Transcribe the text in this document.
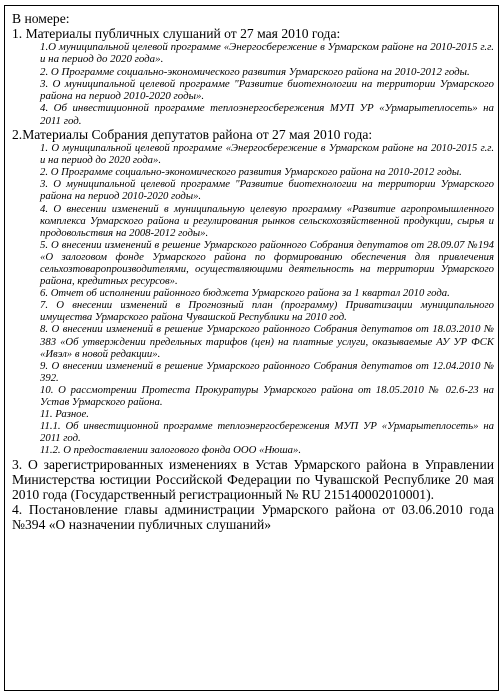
В номере:
1. Материалы публичных слушаний от 27 мая 2010 года:
1.О муниципальной целевой программе «Энергосбережение в Урмарском районе на 2010-2015 г.г. и на период до 2020 года».
2. О Программе социально-экономического развития Урмарского района на 2010-2012 годы.
3. О муниципальной целевой программе "Развитие биотехнологии на территории Урмарского района на период 2010-2020 годы».
4. Об инвестиционной программе теплоэнергосбережения МУП УР «Урмарытеплосеть» на 2011 год.
2.Материалы Собрания депутатов района от 27 мая 2010 года:
1. О муниципальной целевой программе «Энергосбережение в Урмарском районе на 2010-2015 г.г. и на период до 2020 года».
2. О Программе социально-экономического развития Урмарского района на 2010-2012 годы.
3. О муниципальной целевой программе "Развитие биотехнологии на территории Урмарского района на период 2010-2020 годы».
4. О внесении изменений в муниципальную целевую программу «Развитие агропромышленного комплекса Урмарского района и регулирования рынков сельскохозяйственной продукции, сырья и продовольствия на 2008-2012 годы».
5. О внесении изменений в решение Урмарского районного Собрания депутатов от 28.09.07 №194 «О залоговом фонде Урмарского района по формированию обеспечения для привлечения сельхозтоваропроизводителями, осуществляющими деятельность на территории Урмарского района, кредитных ресурсов».
6. Отчет об исполнении районного бюджета Урмарского района за 1 квартал 2010 года.
7. О внесении изменений в Прогнозный план (программу) Приватизации муниципального имущества Урмарского района Чувашской Республики на 2010 год.
8. О внесении изменений в решение Урмарского районного Собрания депутатов от 18.03.2010 № 383 «Об утверждении предельных тарифов (цен) на платные услуги, оказываемые АУ УР ФСК «Ивэл» в новой редакции».
9. О внесении изменений в решение Урмарского районного Собрания депутатов от 12.04.2010 № 392.
10. О рассмотрении Протеста Прокуратуры Урмарского района от 18.05.2010 № 02.6-23 на Устав Урмарского района.
11. Разное.
11.1. Об инвестиционной программе теплоэнергосбережения МУП УР «Урмарытеплосеть» на 2011 год.
11.2. О предоставлении залогового фонда ООО «Нюша».
3. О зарегистрированных изменениях в Устав Урмарского района в Управлении Министерства юстиции Российской Федерации по Чувашской Республике 20 мая 2010 года (Государственный регистрационный № RU 215140002010001).
4. Постановление главы администрации Урмарского района от 03.06.2010 года №394 «О назначении публичных слушаний»
